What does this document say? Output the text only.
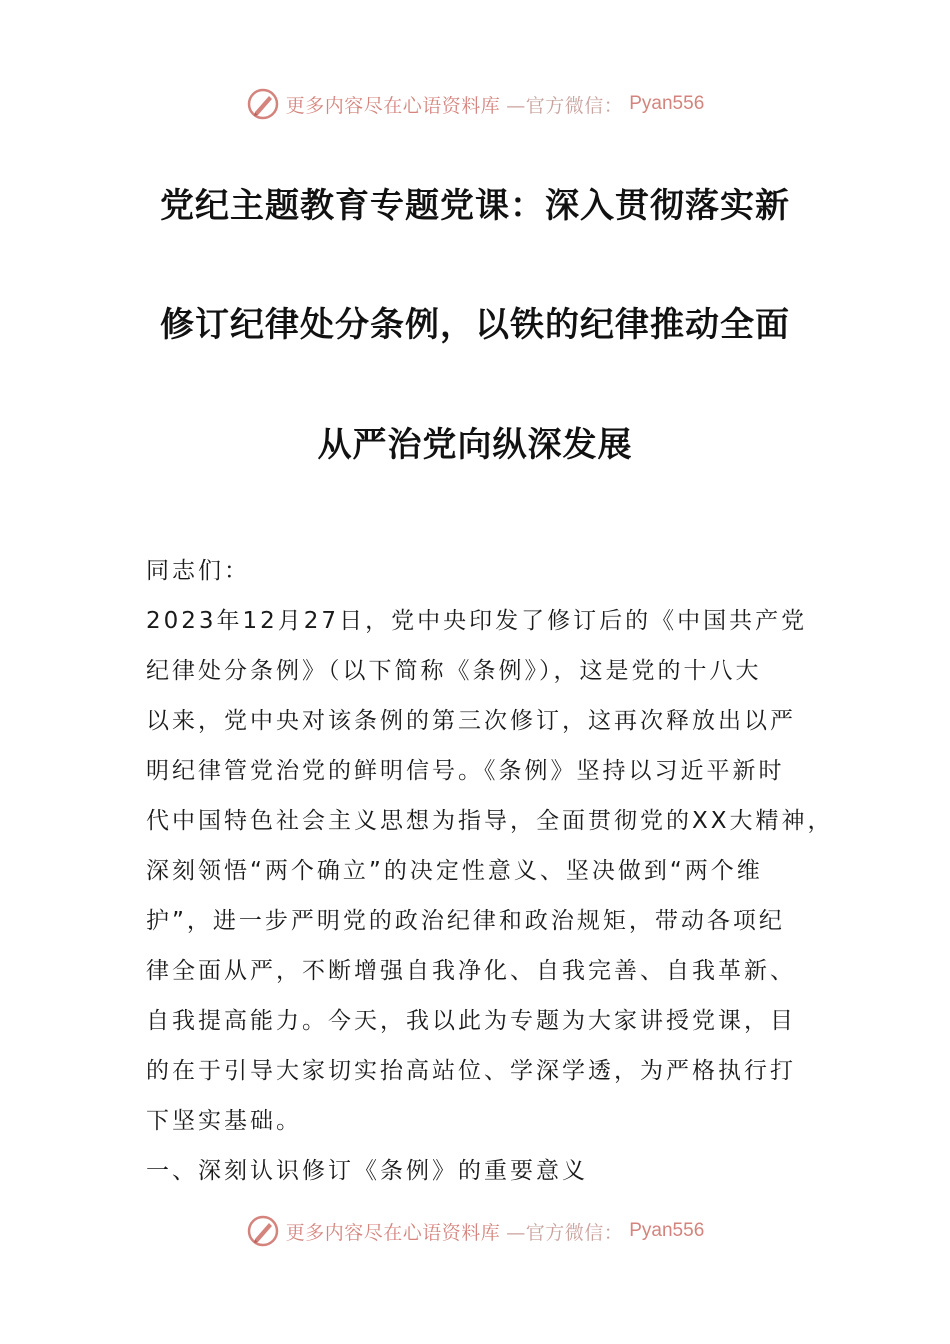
更多内容尽在心语资料库 —官方微信： Pyan556
党纪主题教育专题党课：深入贯彻落实新
修订纪律处分条例，以铁的纪律推动全面
从严治党向纵深发展
同志们：
2023年12月27日，党中央印发了修订后的《中国共产党
纪律处分条例》（以下简称《条例》），这是党的十八大
以来，党中央对该条例的第三次修订，这再次释放出以严
明纪律管党治党的鲜明信号。《条例》坚持以习近平新时
代中国特色社会主义思想为指导，全面贯彻党的XX大精神，
深刻领悟“两个确立”的决定性意义、坚决做到“两个维
护”，进一步严明党的政治纪律和政治规矩，带动各项纪
律全面从严，不断增强自我净化、自我完善、自我革新、
自我提高能力。今天，我以此为专题为大家讲授党课，目
的在于引导大家切实抬高站位、学深学透，为严格执行打
下坚实基础。
一、深刻认识修订《条例》的重要意义
更多内容尽在心语资料库 —官方微信： Pyan556
